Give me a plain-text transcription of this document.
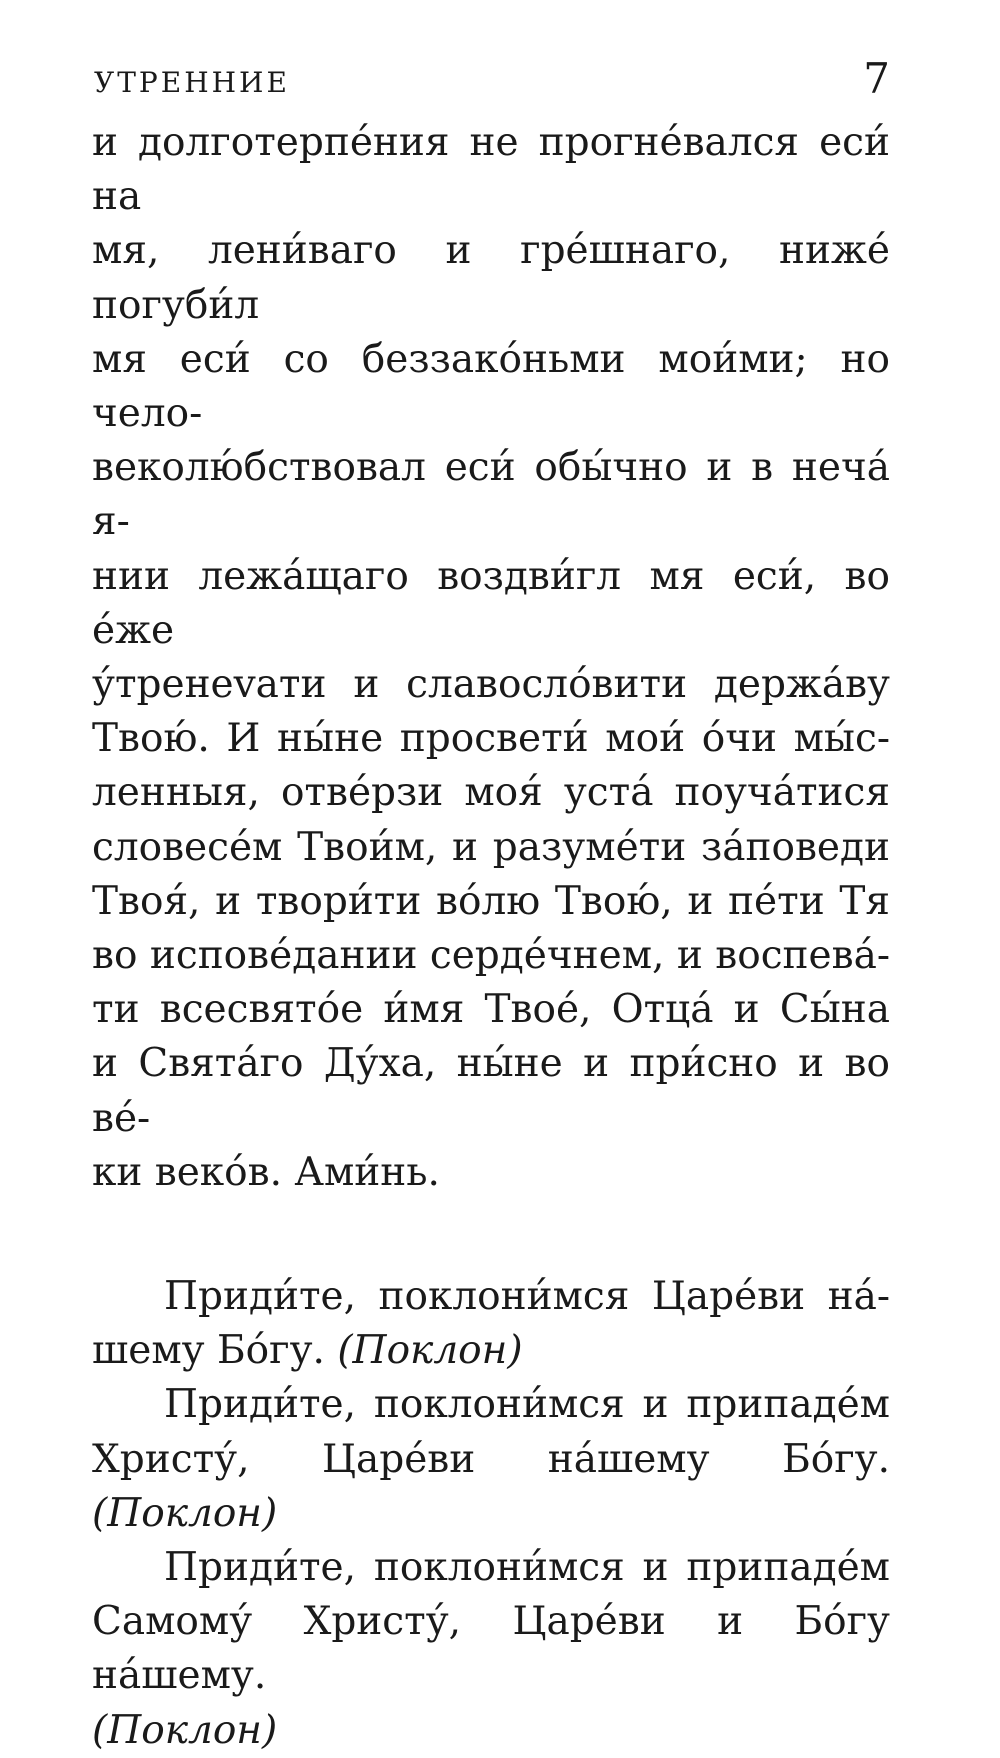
УТРЕННИЕ	7
и долготерпе́ния не прогне́вался еси́ на
мя, лени́ваго и гре́шнаго, ниже́ погуби́л
мя еси́ со беззако́ньми мои́ми; но чело-
веколю́бствовал еси́ обы́чно и в нечá я-
нии лежа́щаго воздви́гл мя еси́, во е́же
у́тренevати и славосло́вити держа́ву
Твою́. И ны́не просвети́ мои́ о́чи мы́с-
ленныя, отве́рзи моя́ уста́ поуча́тися
словесе́м Твои́м, и разуме́ти за́поведи
Твоя́, и твори́ти во́лю Твою́, и пе́ти Тя
во испове́дании серде́чнем, и воспева́-
ти всесвято́е и́мя Твое́, Отца́ и Сы́на
и Свята́го Ду́ха, ны́не и при́сно и во ве́-
ки веко́в. Ами́нь.
Приди́те, поклони́мся Царе́ви на́-
шему Бо́гу. (Поклон)
Приди́те, поклони́мся и припаде́м
Христу́, Царе́ви на́шему Бо́гу. (Поклон)
Приди́те, поклони́мся и припаде́м
Самому́ Христу́, Царе́ви и Бо́гу на́шему.
(Поклон)
